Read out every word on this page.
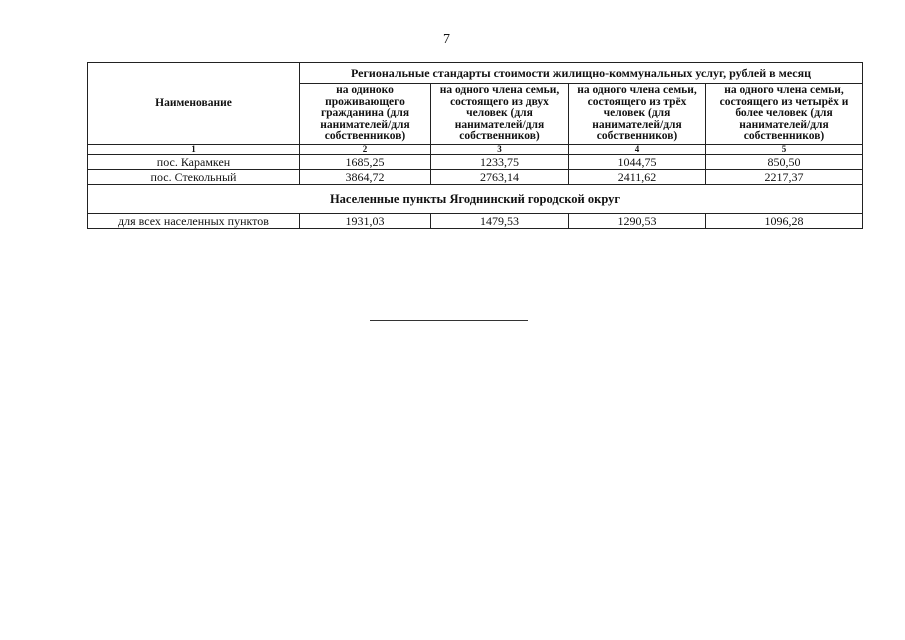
7
Наименование	Региональные стандарты стоимости жилищно-коммунальных услуг, рублей в месяц			
	на одиноко проживающего гражданина (для нанимателей/для собственников)	на одного члена семьи, состоящего из двух человек (для нанимателей/для собственников)	на одного члена семьи, состоящего из трёх человек (для нанимателей/для собственников)	на одного члена семьи, состоящего из четырёх и более человек (для нанимателей/для собственников)
1	2	3	4	5
пос. Карамкен	1685,25	1233,75	1044,75	850,50
пос. Стекольный	3864,72	2763,14	2411,62	2217,37
Населенные пункты Ягоднинский городской округ				
для всех населенных пунктов	1931,03	1479,53	1290,53	1096,28
